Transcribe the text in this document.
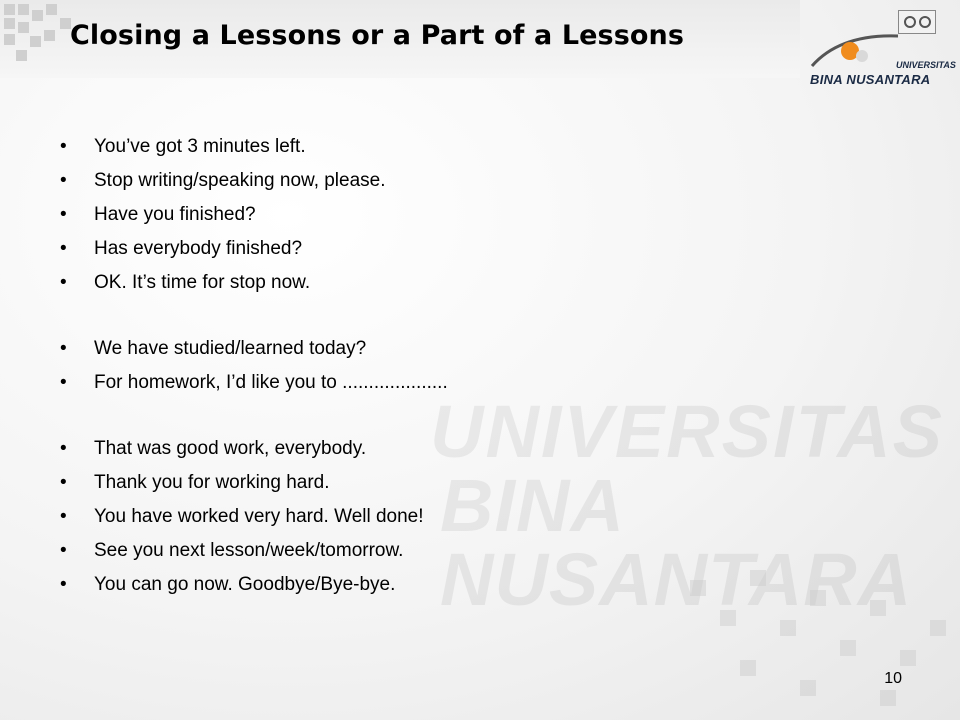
Closing a Lessons or a Part of a Lessons
UNIVERSITAS
BINA NUSANTARA
UNIVERSITAS
BINA NUSANTARA
• You’ve got 3 minutes left.
• Stop writing/speaking now, please.
• Have you finished?
• Has everybody finished?
• OK. It’s time for stop now.
• We have studied/learned today?
• For homework, I’d like you to ....................
• That was good work, everybody.
• Thank you for working hard.
• You have worked very hard. Well done!
• See you next lesson/week/tomorrow.
• You can go now. Goodbye/Bye-bye.
10
